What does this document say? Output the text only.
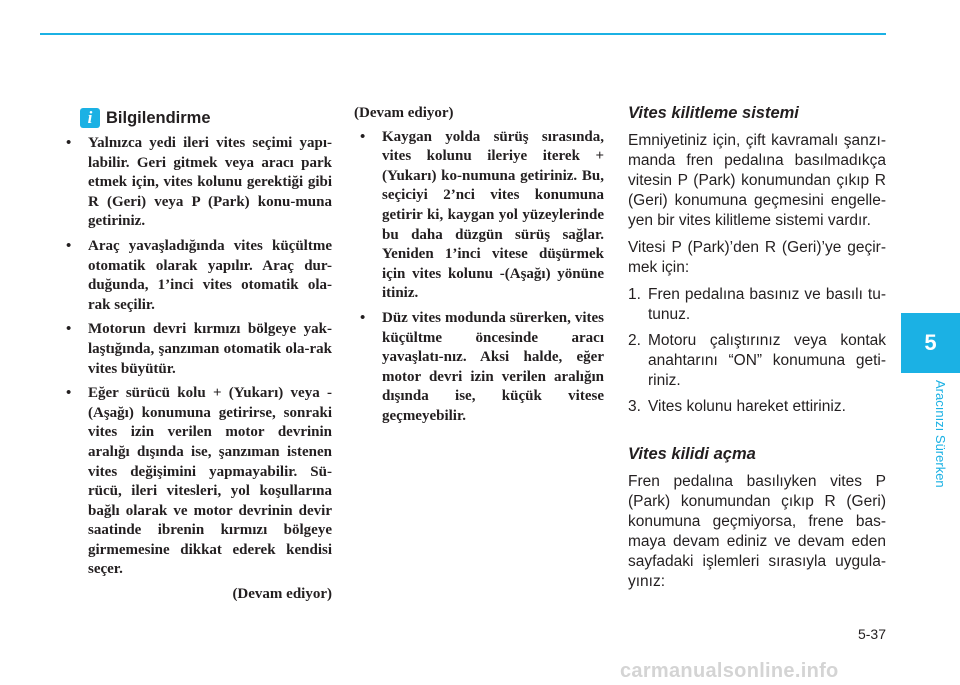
i Bilgilendirme
• Yalnızca yedi ileri vites seçimi yapı-labilir. Geri gitmek veya aracı park etmek için, vites kolunu gerektiği gibi R (Geri) veya P (Park) konu-muna getiriniz.
• Araç yavaşladığında vites küçültme otomatik olarak yapılır. Araç dur-duğunda, 1’inci vites otomatik ola-rak seçilir.
• Motorun devri kırmızı bölgeye yak-laştığında, şanzıman otomatik ola-rak vites büyütür.
• Eğer sürücü kolu + (Yukarı) veya - (Aşağı) konumuna getirirse, sonraki vites izin verilen motor devrinin aralığı dışında ise, şanzıman istenen vites değişimini yapmayabilir. Sü-rücü, ileri vitesleri, yol koşullarına bağlı olarak ve motor devrinin devir saatinde ibrenin kırmızı bölgeye girmemesine dikkat ederek kendisi seçer.
(Devam ediyor)
(Devam ediyor)
• Kaygan yolda sürüş sırasında, vites kolunu ileriye iterek +(Yukarı) ko-numuna getiriniz. Bu, seçiciyi 2’nci vites konumuna getirir ki, kaygan yol yüzeylerinde bu daha düzgün sürüş sağlar. Yeniden 1’inci vitese düşürmek için vites kolunu -(Aşağı) yönüne itiniz.
• Düz vites modunda sürerken, vites küçültme öncesinde aracı yavaşlatı-nız. Aksi halde, eğer motor devri izin verilen aralığın dışında ise, küçük vitese geçmeyebilir.
Vites kilitleme sistemi

Emniyetiniz için, çift kavramalı şanzı-manda fren pedalına basılmadıkça vitesin P (Park) konumundan çıkıp R (Geri) konumuna geçmesini engelle-yen bir vites kilitleme sistemi vardır.

Vitesi P (Park)’den R (Geri)’ye geçir-mek için:

1. Fren pedalına basınız ve basılı tu-tunuz.
2. Motoru çalıştırınız veya kontak anahtarını “ON” konumuna geti-riniz.
3. Vites kolunu hareket ettiriniz.
Vites kilidi açma

Fren pedalına basılıyken vites P (Park) konumundan çıkıp R (Geri) konumuna geçmiyorsa, frene bas-maya devam ediniz ve devam eden sayfadaki işlemleri sırasıyla uygula-yınız:

5
Aracınızı Sürerken
5-37
carmanualsonline.info
